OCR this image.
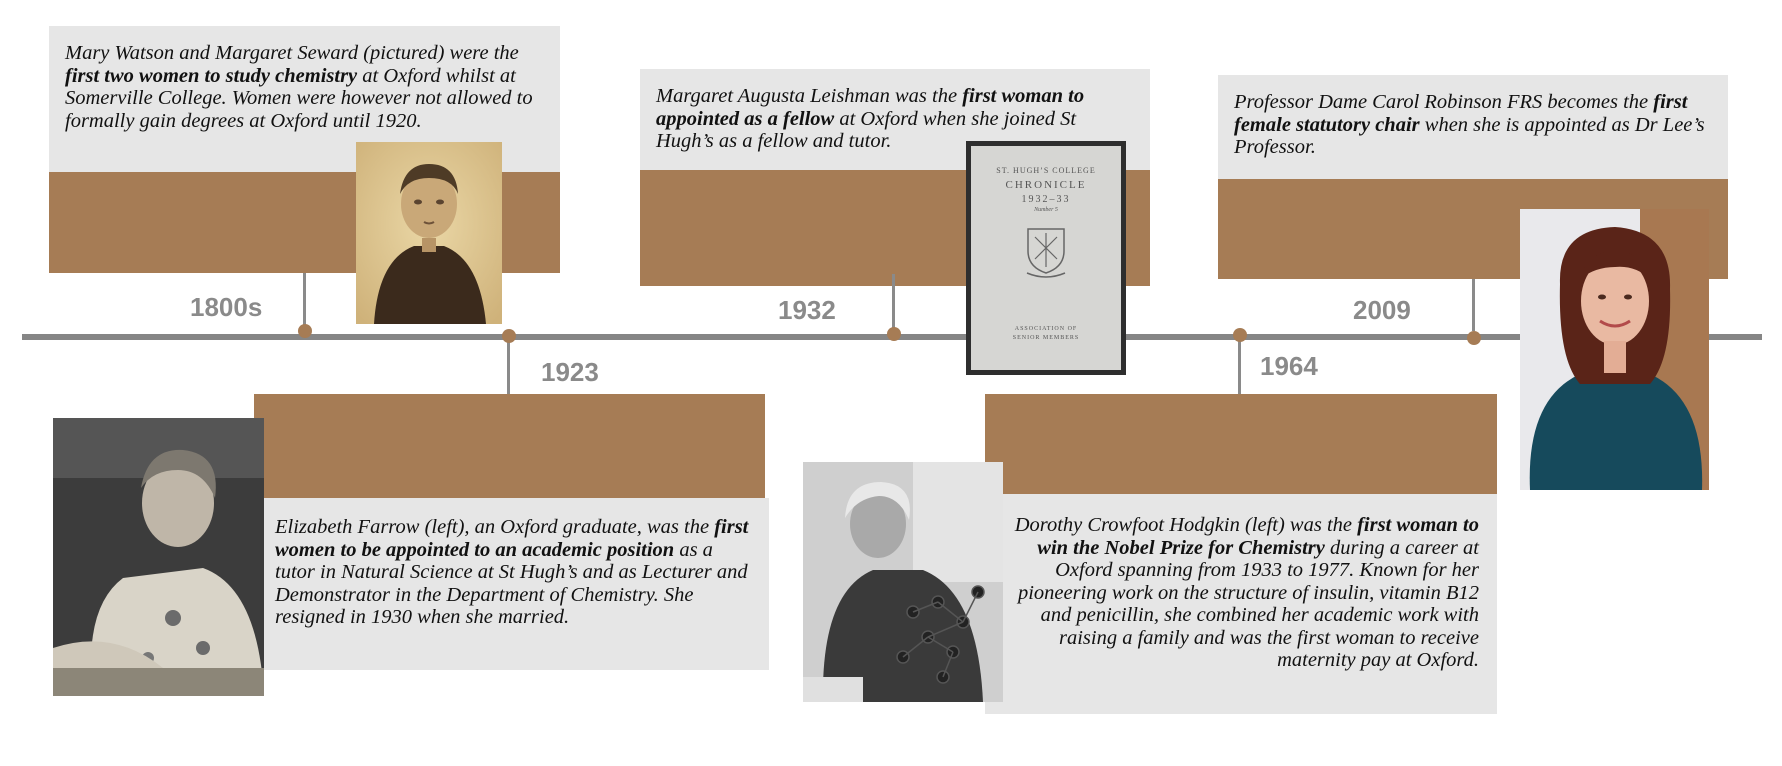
Mary Watson and Margaret Seward (pictured) were the first two women to study chemistry at Oxford whilst at Somerville College. Women were however not allowed to formally gain degrees at Oxford until 1920.
1800s
1923
Elizabeth Farrow (left), an Oxford graduate, was the first women to be appointed to an academic position as a tutor in Natural Science at St Hugh’s and as Lecturer and Demonstrator in the Department of Chemistry. She resigned in 1930 when she married.
Margaret Augusta Leishman was the first woman to appointed as a fellow at Oxford when she joined St Hugh’s as a fellow and tutor.
1932
ST. HUGH’S COLLEGE
CHRONICLE
1932–33
Number 5
ASSOCIATION OF
SENIOR MEMBERS
1964
Dorothy Crowfoot Hodgkin (left) was the first woman to win the Nobel Prize for Chemistry during a career at Oxford spanning from 1933 to 1977. Known for her pioneering work on the structure of insulin, vitamin B12 and penicillin, she combined her academic work with raising a family and was the first woman to receive maternity pay at Oxford.
Professor Dame Carol Robinson FRS becomes the first female statutory chair when she is appointed as Dr Lee’s Professor.
2009
